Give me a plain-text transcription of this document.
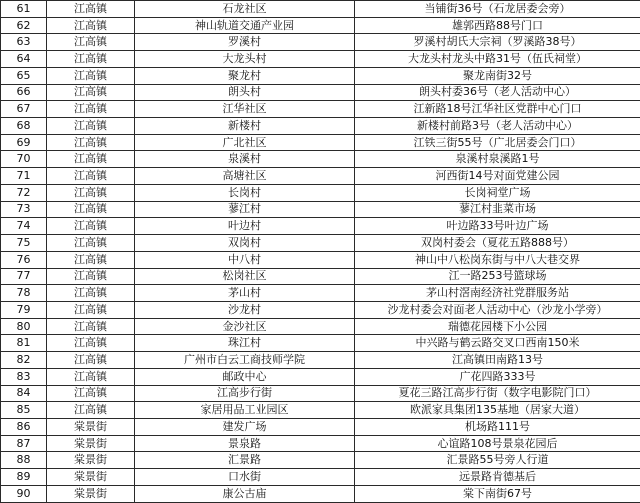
61	江高镇	石龙社区	当铺街36号（石龙居委会旁）
62	江高镇	神山轨道交通产业园	雄郭西路88号门口
63	江高镇	罗溪村	罗溪村胡氏大宗祠（罗溪路38号）
64	江高镇	大龙头村	大龙头村龙头中路31号（伍氏祠堂）
65	江高镇	聚龙村	聚龙南街32号
66	江高镇	朗头村	朗头村委36号（老人活动中心）
67	江高镇	江华社区	江新路18号江华社区党群中心门口
68	江高镇	新楼村	新楼村前路3号（老人活动中心）
69	江高镇	广北社区	江铁三街55号（广北居委会门口）
70	江高镇	泉溪村	泉溪村泉溪路1号
71	江高镇	高塘社区	河西街14号对面党建公园
72	江高镇	长岗村	长岗祠堂广场
73	江高镇	蓼江村	蓼江村韭菜市场
74	江高镇	叶边村	叶边路33号叶边广场
75	江高镇	双岗村	双岗村委会（夏花五路888号）
76	江高镇	中八村	神山中八松岗东街与中八大巷交界
77	江高镇	松岗社区	江一路253号篮球场
78	江高镇	茅山村	茅山村滘南经济社党群服务站
79	江高镇	沙龙村	沙龙村委会对面老人活动中心（沙龙小学旁）
80	江高镇	金沙社区	瑞德花园楼下小公园
81	江高镇	珠江村	中兴路与鹤云路交叉口西南150米
82	江高镇	广州市白云工商技师学院	江高镇田南路13号
83	江高镇	邮政中心	广花四路333号
84	江高镇	江高步行街	夏花三路江高步行街（数字电影院门口）
85	江高镇	家居用品工业园区	欧派家具集团135基地（居家大道）
86	棠景街	建发广场	机场路111号
87	棠景街	景泉路	心谊路108号景泉花园后
88	棠景街	汇景路	汇景路55号旁人行道
89	棠景街	口水街	远景路肯德基后
90	棠景街	康公古庙	棠下南街67号
